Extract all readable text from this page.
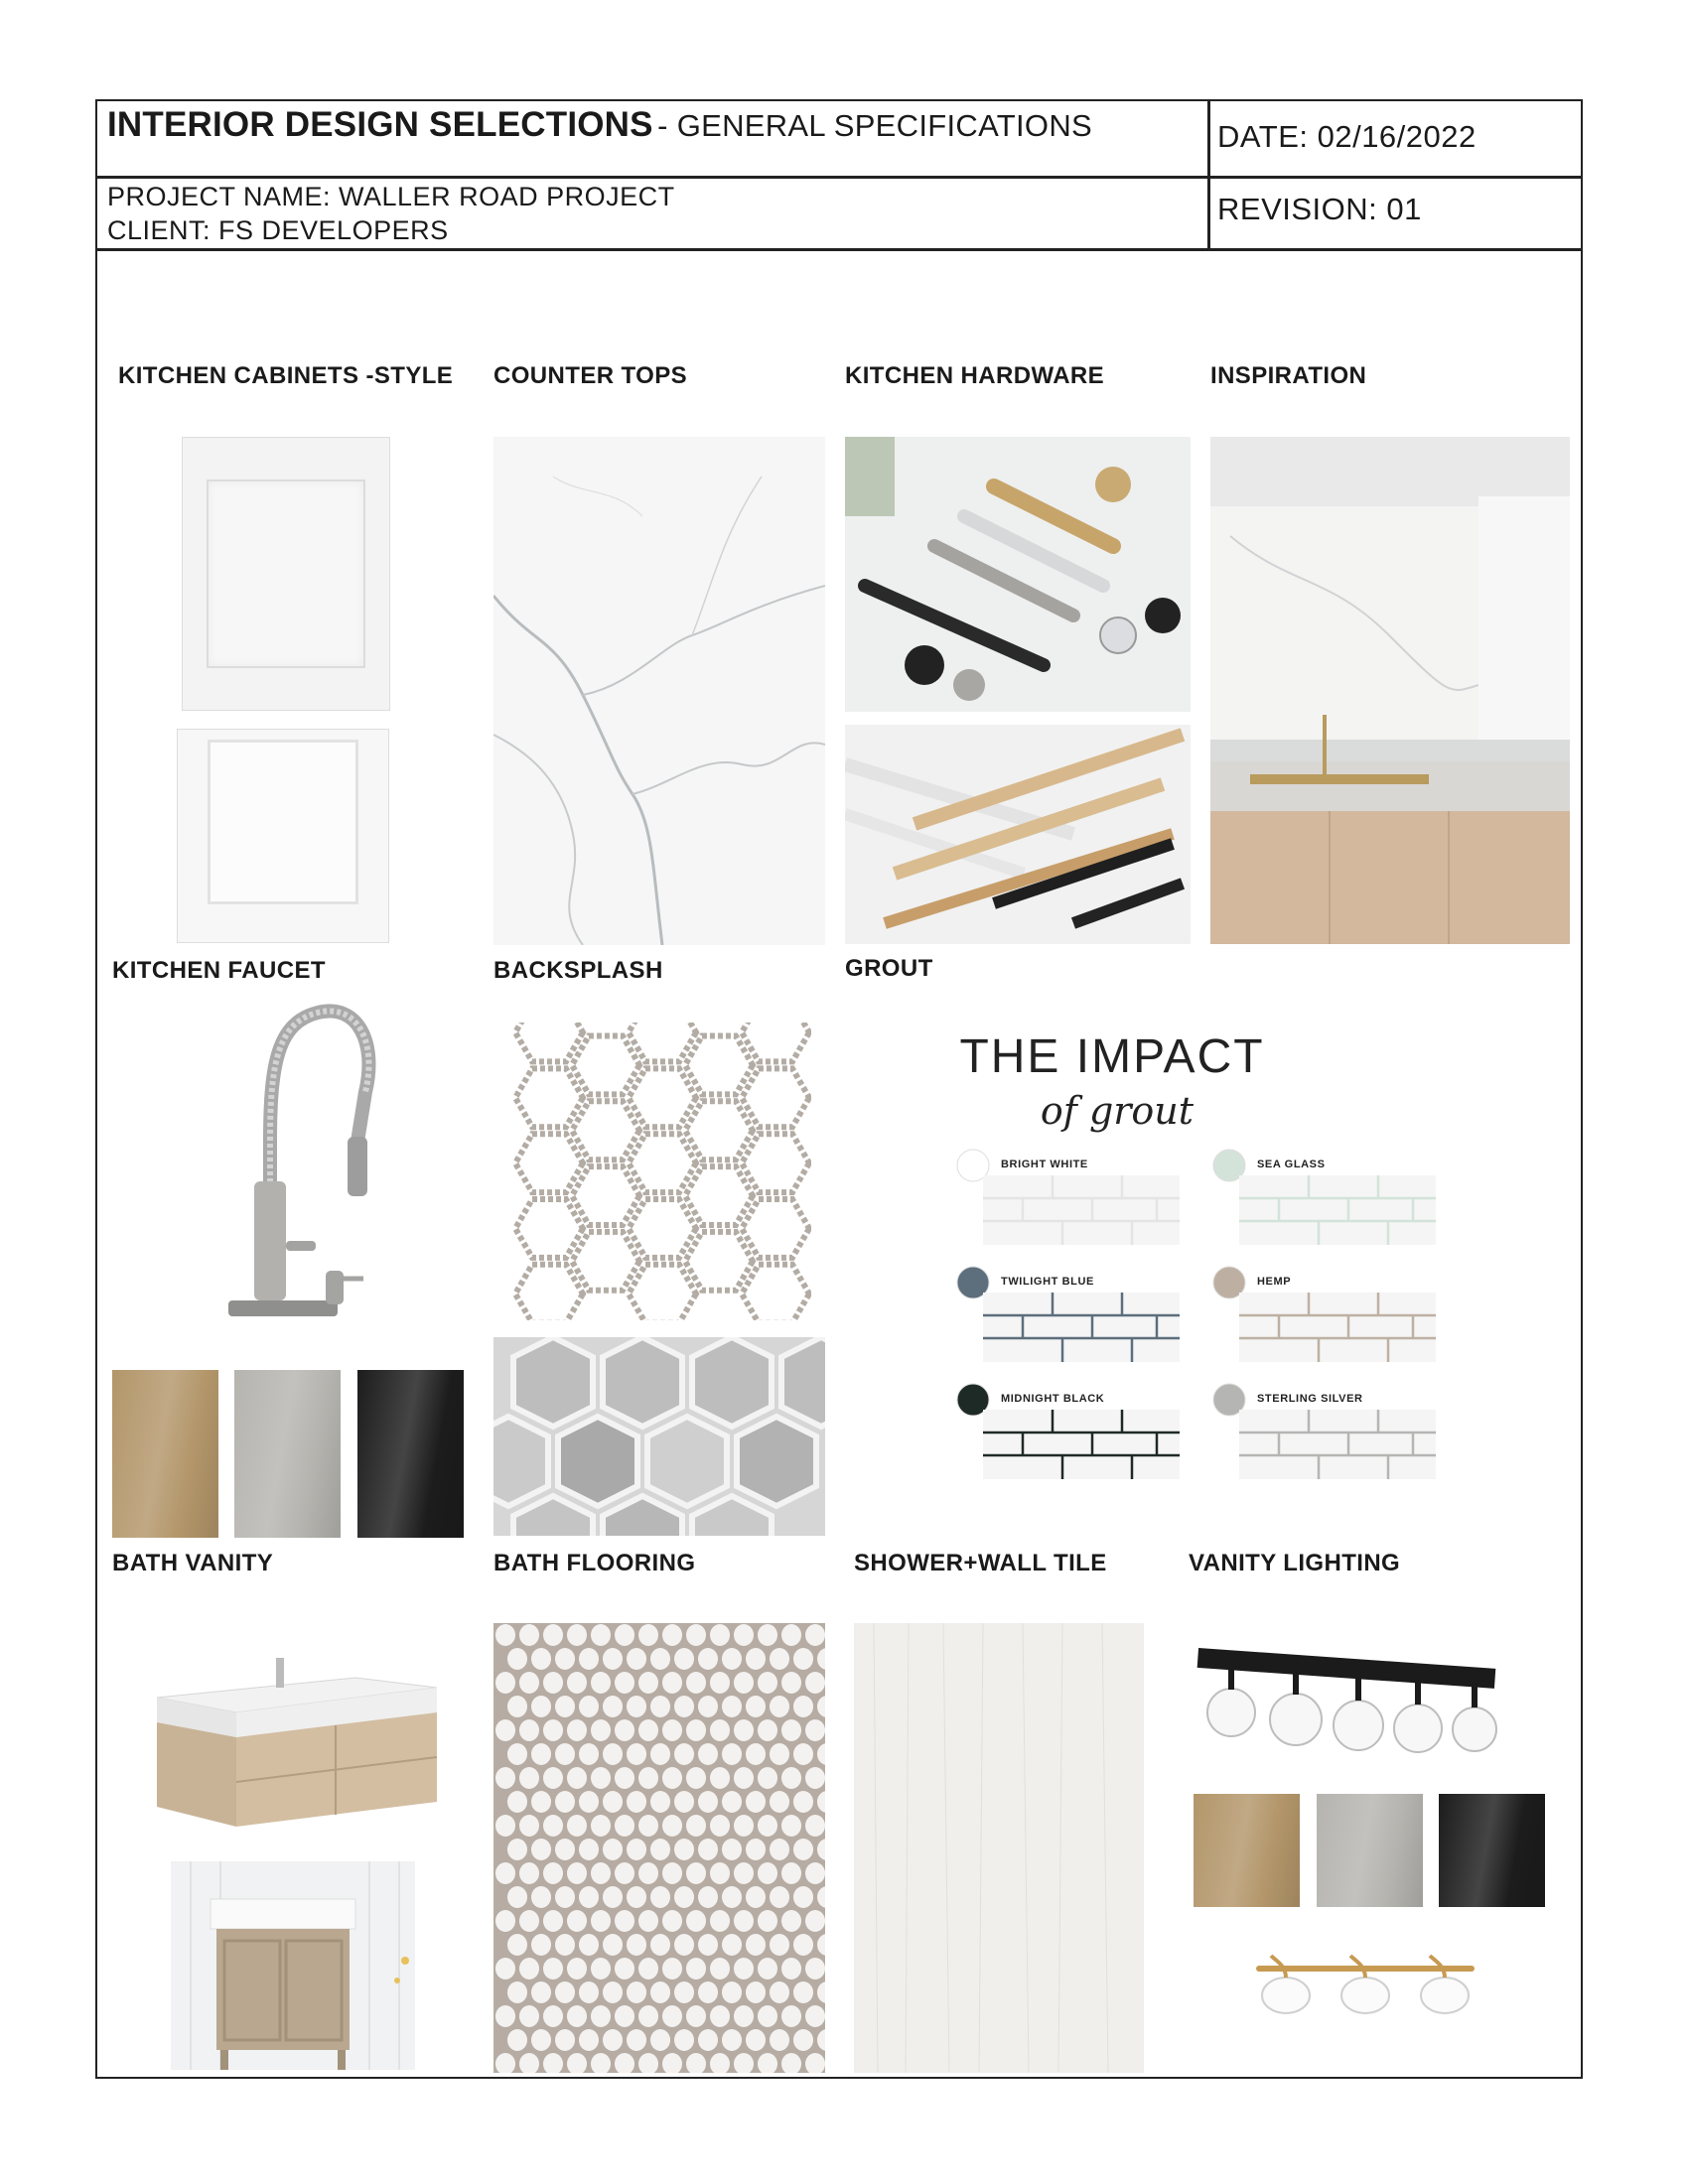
INTERIOR DESIGN SELECTIONS - GENERAL SPECIFICATIONS	DATE: 02/16/2022
PROJECT NAME: WALLER ROAD PROJECT
CLIENT: FS DEVELOPERS
REVISION: 01
KITCHEN CABINETS -STYLE COUNTER TOPS	KITCHEN HARDWARE	INSPIRATION
KITCHEN FAUCET	BACKSPLASH	GROUT
THE IMPACT
of grout
BRIGHT WHITE	SEA GLASS
TWILIGHT BLUE	HEMP
MIDNIGHT BLACK	STERLING SILVER
BATH VANITY	BATH FLOORING	SHOWER+WALL TILE	VANITY LIGHTING
